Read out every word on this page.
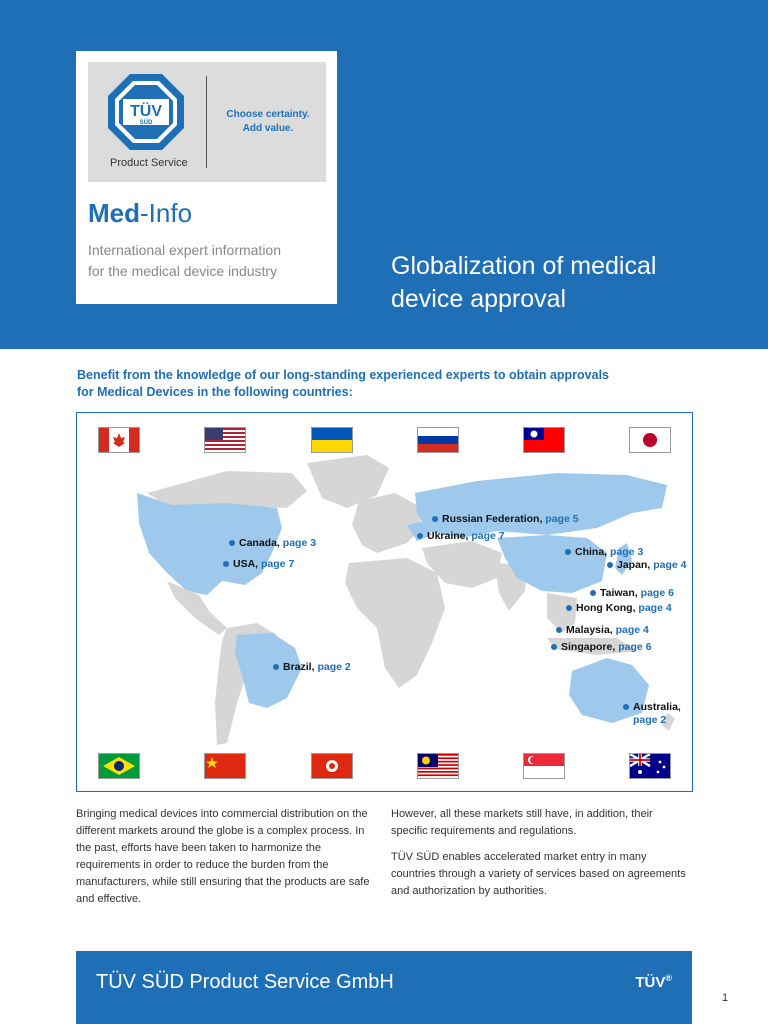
TÜV
SÜD
Product Service
Choose certainty.
Add value.
Med-Info
International expert information
for the medical device industry	Globalization of medical
device approval
Benefit from the knowledge of our long-standing experienced experts to obtain approvals
for Medical Devices in the following countries:
Canada, page 3
USA, page 7
Russian Federation, page 5
Ukraine, page 7
China, page 3
Japan, page 4
Taiwan, page 6
Hong Kong, page 4
Malaysia, page 4
Singapore, page 6
Brazil, page 2
Australia,
page 2

Bringing medical devices into commercial distribution on the different markets around the globe is a complex process. In the past, efforts have been taken to harmonize the requirements in order to reduce the burden from the manufacturers, while still ensuring that the products are safe and effective.

However, all these markets still have, in addition, their specific requirements and regulations.

TÜV SÜD enables accelerated market entry in many countries through a variety of services based on agreements and authorization by authorities.

TÜV SÜD Product Service GmbH	TÜV®
1
